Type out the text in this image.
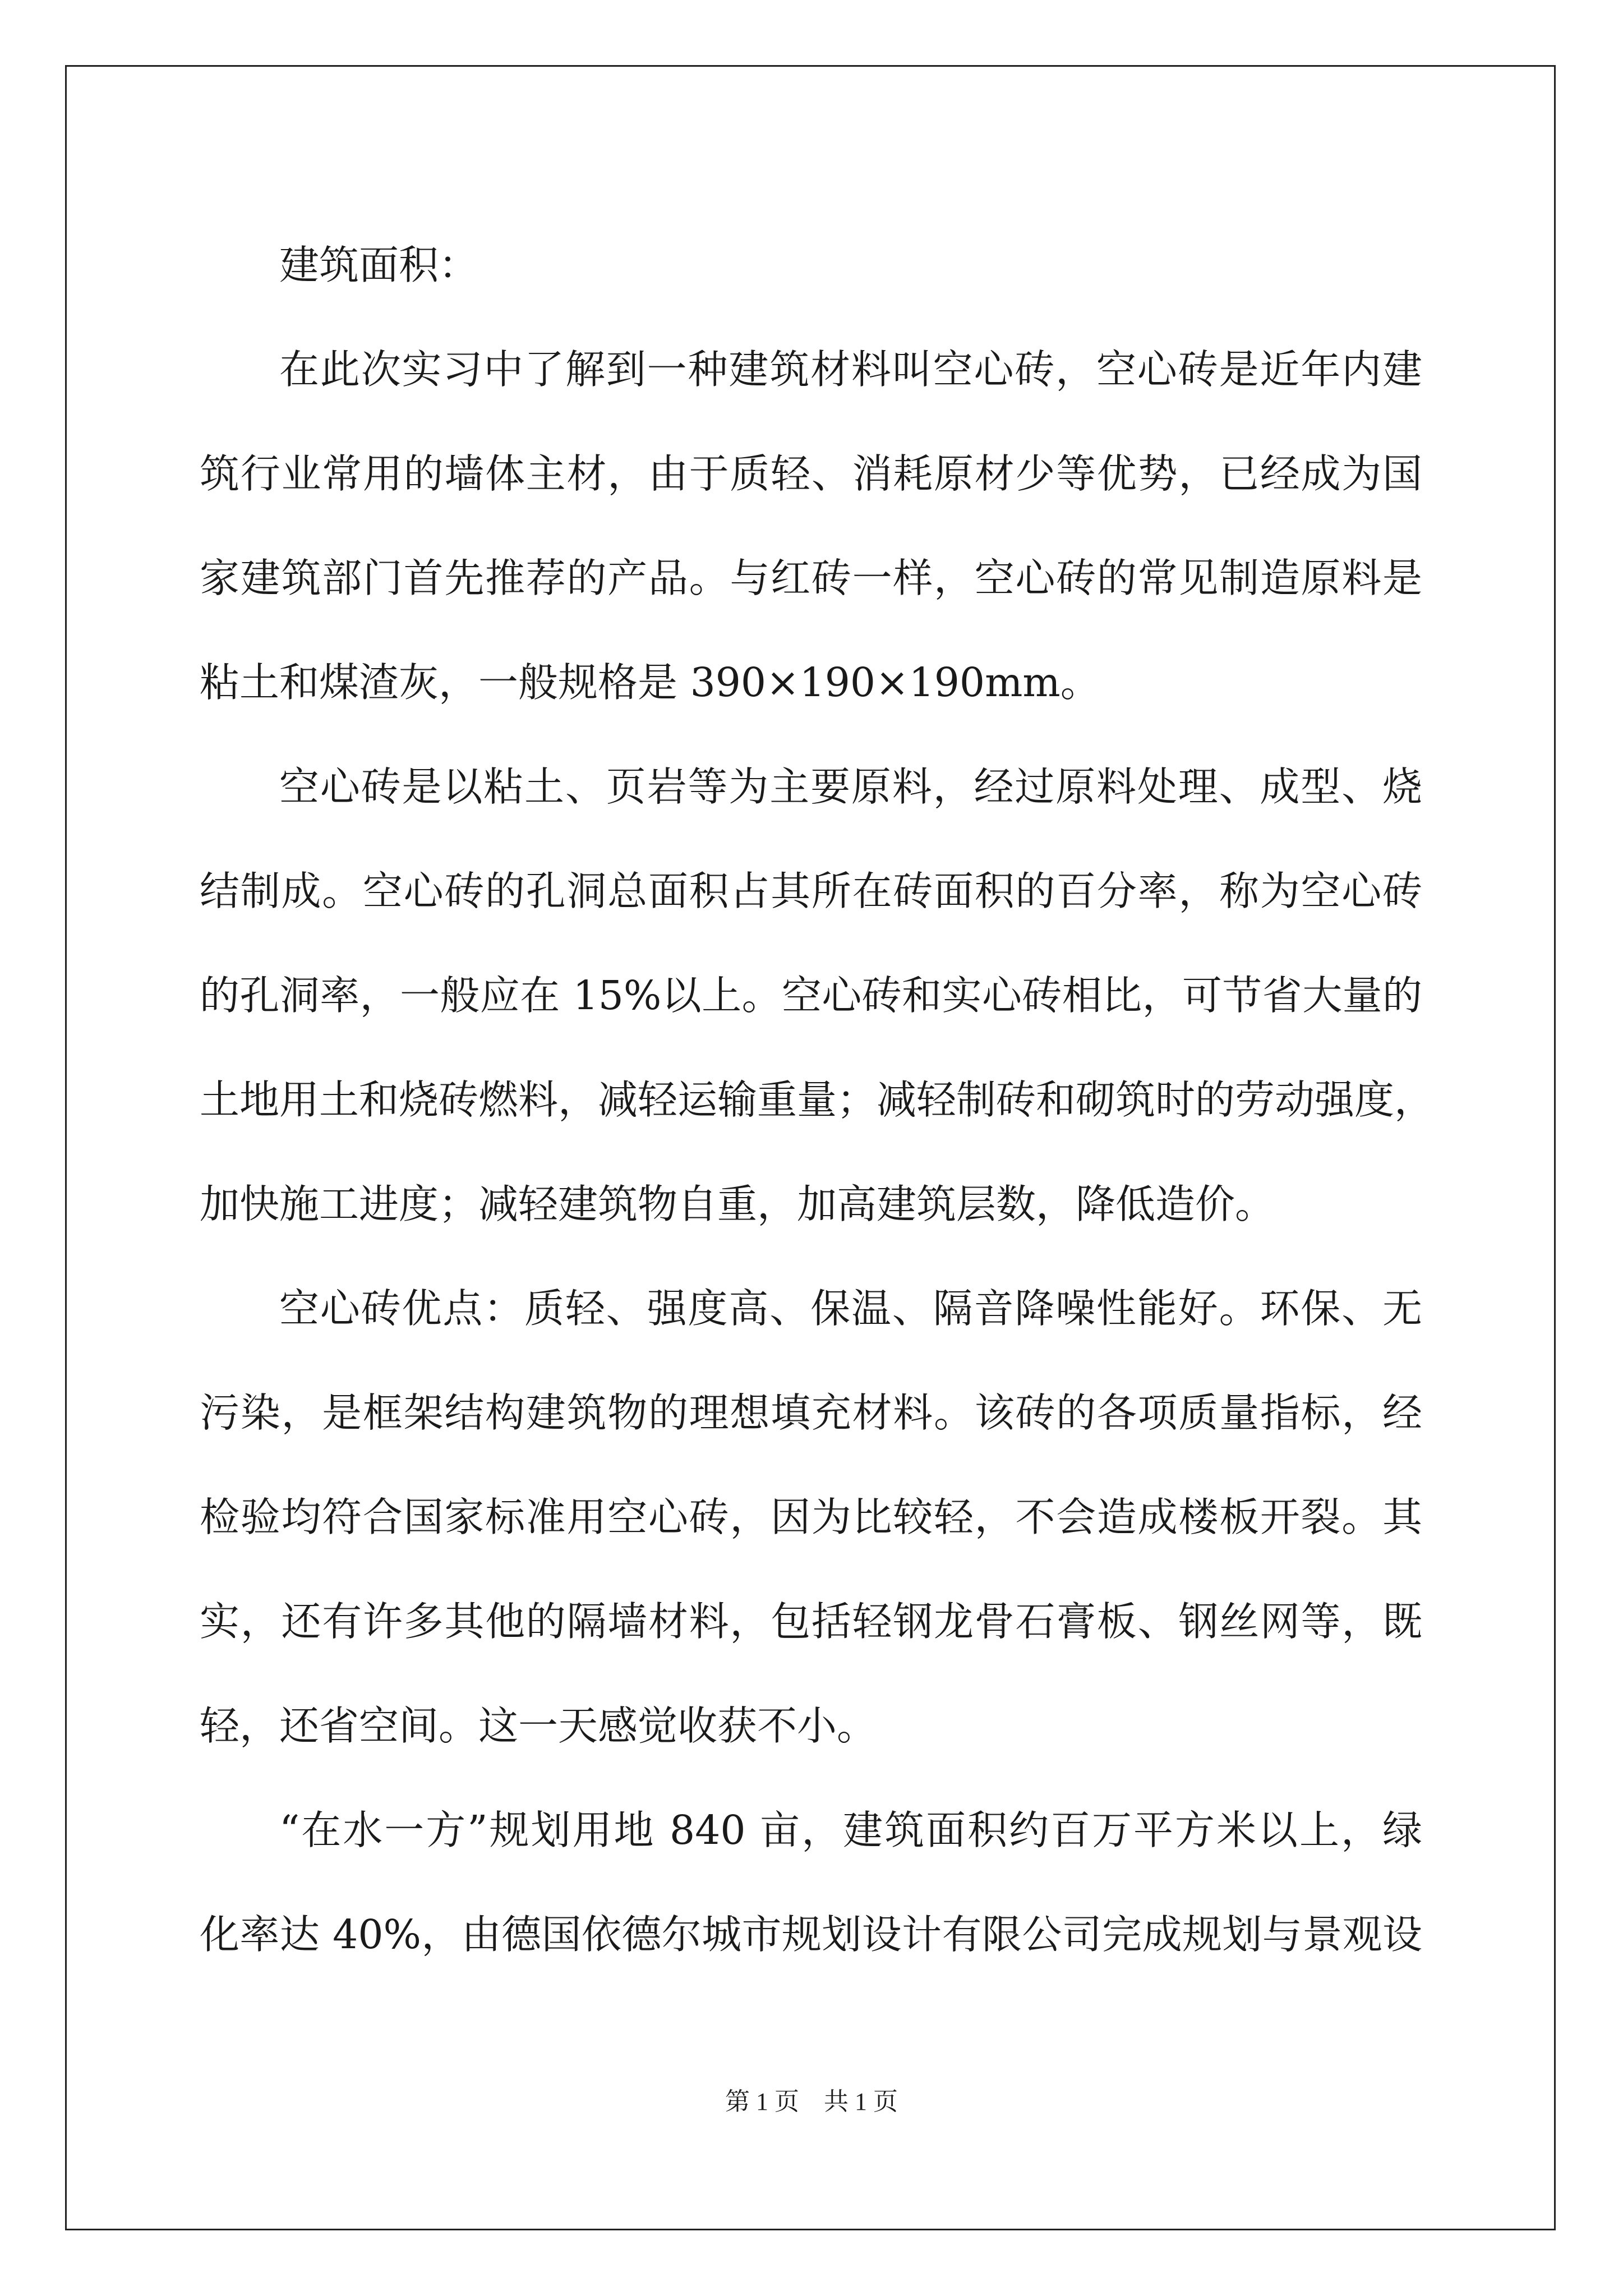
建筑面积：
在此次实习中了解到一种建筑材料叫空心砖，空心砖是近年内建
筑行业常用的墙体主材，由于质轻、消耗原材少等优势，已经成为国
家建筑部门首先推荐的产品。与红砖一样，空心砖的常见制造原料是
粘土和煤渣灰，一般规格是 390×190×190mm。
空心砖是以粘土、页岩等为主要原料，经过原料处理、成型、烧
结制成。空心砖的孔洞总面积占其所在砖面积的百分率，称为空心砖
的孔洞率，一般应在 15%以上。空心砖和实心砖相比，可节省大量的
土地用土和烧砖燃料，减轻运输重量；减轻制砖和砌筑时的劳动强度，
加快施工进度；减轻建筑物自重，加高建筑层数，降低造价。
空心砖优点：质轻、强度高、保温、隔音降噪性能好。环保、无
污染，是框架结构建筑物的理想填充材料。该砖的各项质量指标，经
检验均符合国家标准用空心砖，因为比较轻，不会造成楼板开裂。其
实，还有许多其他的隔墙材料，包括轻钢龙骨石膏板、钢丝网等，既
轻，还省空间。这一天感觉收获不小。
“在水一方”规划用地 840 亩，建筑面积约百万平方米以上，绿
化率达 40%，由德国依德尔城市规划设计有限公司完成规划与景观设
第 1 页　共 1 页
